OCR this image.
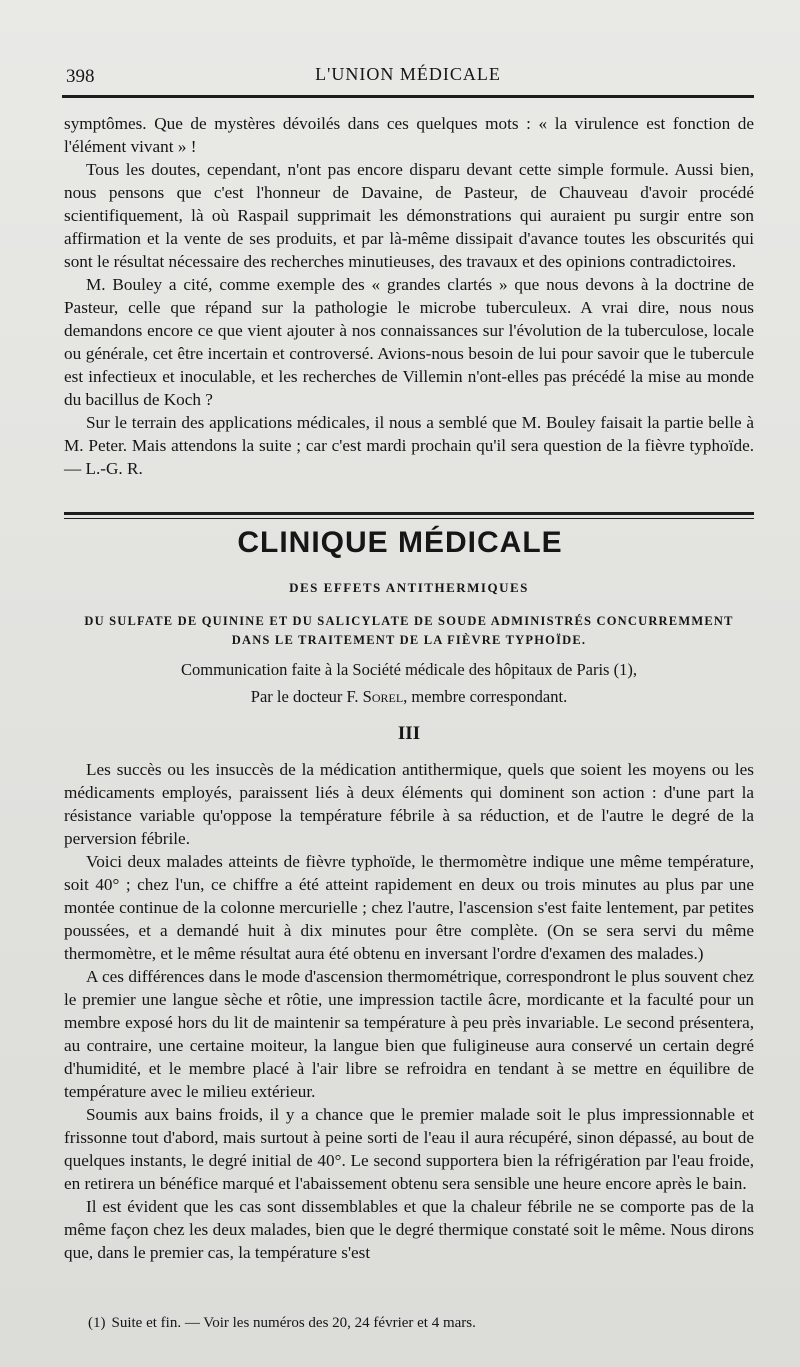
398	L'UNION MÉDICALE

symptômes. Que de mystères dévoilés dans ces quelques mots : « la virulence est fonction de l'élément vivant » !

Tous les doutes, cependant, n'ont pas encore disparu devant cette simple formule. Aussi bien, nous pensons que c'est l'honneur de Davaine, de Pasteur, de Chauveau d'avoir procédé scientifiquement, là où Raspail supprimait les démonstrations qui auraient pu surgir entre son affirmation et la vente de ses produits, et par là-même dissipait d'avance toutes les obscurités qui sont le résultat nécessaire des recherches minutieuses, des travaux et des opinions contradictoires.

M. Bouley a cité, comme exemple des « grandes clartés » que nous devons à la doctrine de Pasteur, celle que répand sur la pathologie le microbe tuberculeux. A vrai dire, nous nous demandons encore ce que vient ajouter à nos connaissances sur l'évolution de la tuberculose, locale ou générale, cet être incertain et controversé. Avions-nous besoin de lui pour savoir que le tubercule est infectieux et inoculable, et les recherches de Villemin n'ont-elles pas précédé la mise au monde du bacillus de Koch ?

Sur le terrain des applications médicales, il nous a semblé que M. Bouley faisait la partie belle à M. Peter. Mais attendons la suite ; car c'est mardi prochain qu'il sera question de la fièvre typhoïde. — L.-G. R.

CLINIQUE MÉDICALE
DES EFFETS ANTITHERMIQUES
DU SULFATE DE QUININE ET DU SALICYLATE DE SOUDE ADMINISTRÉS CONCURREMMENT
DANS LE TRAITEMENT DE LA FIÈVRE TYPHOÏDE.
Communication faite à la Société médicale des hôpitaux de Paris (1),
Par le docteur F. Sorel, membre correspondant.
III

Les succès ou les insuccès de la médication antithermique, quels que soient les moyens ou les médicaments employés, paraissent liés à deux éléments qui dominent son action : d'une part la résistance variable qu'oppose la température fébrile à sa réduction, et de l'autre le degré de la perversion fébrile.

Voici deux malades atteints de fièvre typhoïde, le thermomètre indique une même température, soit 40° ; chez l'un, ce chiffre a été atteint rapidement en deux ou trois minutes au plus par une montée continue de la colonne mercurielle ; chez l'autre, l'ascension s'est faite lentement, par petites poussées, et a demandé huit à dix minutes pour être complète. (On se sera servi du même thermomètre, et le même résultat aura été obtenu en inversant l'ordre d'examen des malades.)

A ces différences dans le mode d'ascension thermométrique, correspondront le plus souvent chez le premier une langue sèche et rôtie, une impression tactile âcre, mordicante et la faculté pour un membre exposé hors du lit de maintenir sa température à peu près invariable. Le second présentera, au contraire, une certaine moiteur, la langue bien que fuligineuse aura conservé un certain degré d'humidité, et le membre placé à l'air libre se refroidra en tendant à se mettre en équilibre de température avec le milieu extérieur.

Soumis aux bains froids, il y a chance que le premier malade soit le plus impressionnable et frissonne tout d'abord, mais surtout à peine sorti de l'eau il aura récupéré, sinon dépassé, au bout de quelques instants, le degré initial de 40°. Le second supportera bien la réfrigération par l'eau froide, en retirera un bénéfice marqué et l'abaissement obtenu sera sensible une heure encore après le bain.

Il est évident que les cas sont dissemblables et que la chaleur fébrile ne se comporte pas de la même façon chez les deux malades, bien que le degré thermique constaté soit le même. Nous dirons que, dans le premier cas, la température s'est

(1) Suite et fin. — Voir les numéros des 20, 24 février et 4 mars.
